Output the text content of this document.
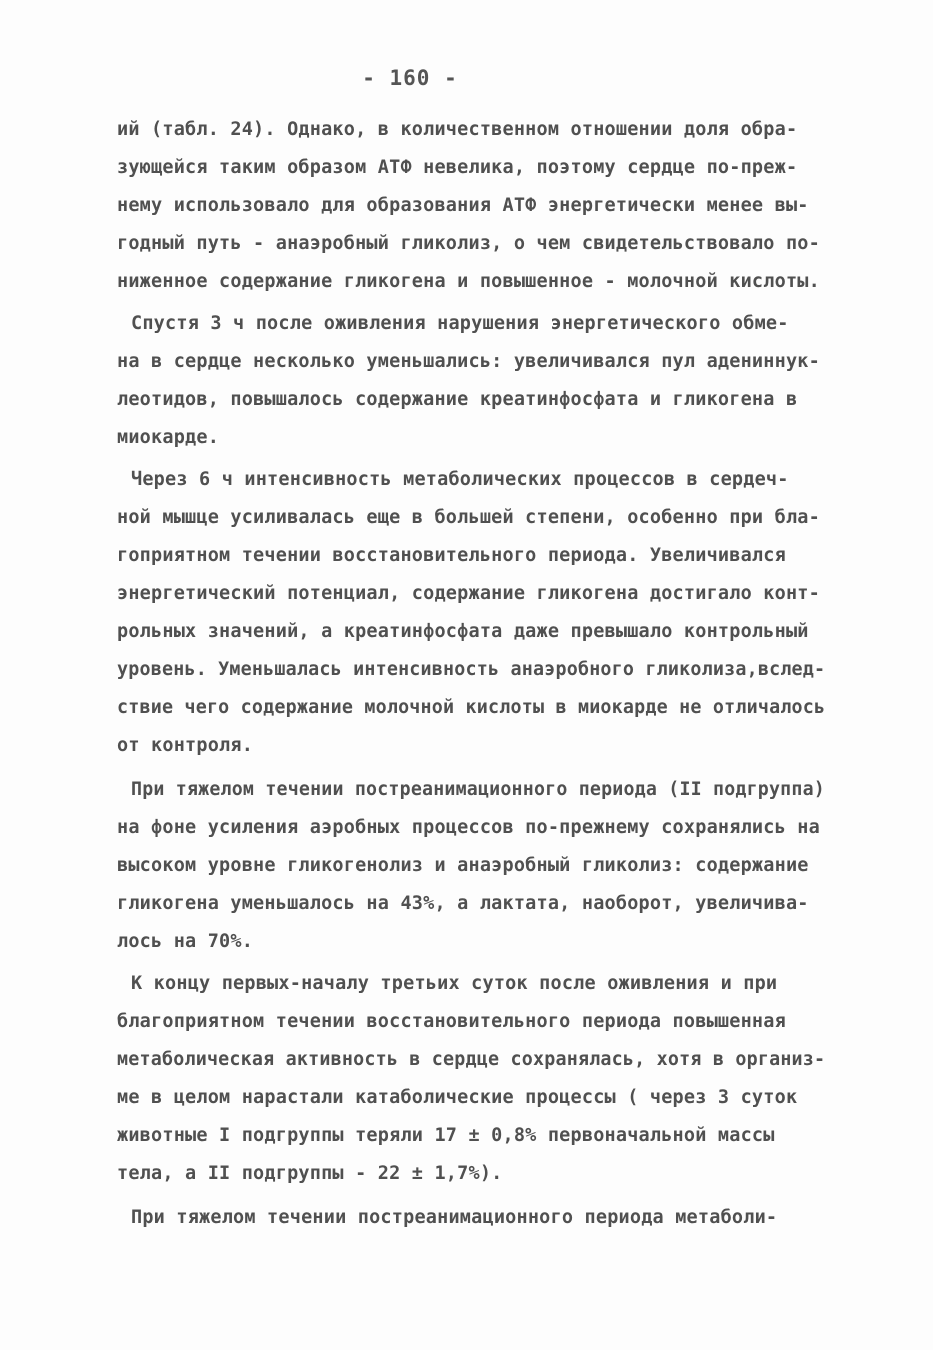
- 160 -
ий (табл. 24). Однако, в количественном отношении доля обра-
зующейся таким образом АТФ невелика, поэтому сердце по-преж-
нему использовало для образования АТФ энергетически менее вы-
годный путь - анаэробный гликолиз, о чем свидетельствовало по-
ниженное содержание гликогена и повышенное - молочной кислоты.
Спустя 3 ч после оживления нарушения энергетического обме-
на в сердце несколько уменьшались: увеличивался пул адениннук-
леотидов, повышалось содержание креатинфосфата и гликогена в
миокарде.
Через 6 ч интенсивность метаболических процессов в сердеч-
ной мышце усиливалась еще в большей степени, особенно при бла-
гоприятном течении восстановительного периода. Увеличивался
энергетический потенциал, содержание гликогена достигало конт-
рольных значений, а креатинфосфата даже превышало контрольный
уровень. Уменьшалась интенсивность анаэробного гликолиза,вслед-
ствие чего содержание молочной кислоты в миокарде не отличалось
от контроля.
При тяжелом течении постреанимационного периода (II подгруппа)
на фоне усиления аэробных процессов по-прежнему сохранялись на
высоком уровне гликогенолиз и анаэробный гликолиз: содержание
гликогена уменьшалось на 43%, а лактата, наоборот, увеличива-
лось на 70%.
К концу первых-началу третьих суток после оживления и при
благоприятном течении восстановительного периода повышенная
метаболическая активность в сердце сохранялась, хотя в организ-
ме в целом нарастали катаболические процессы ( через 3 суток
животные I подгруппы теряли 17 ± 0,8% первоначальной массы
тела, а II подгруппы - 22 ± 1,7%).
При тяжелом течении постреанимационного периода метаболи-
